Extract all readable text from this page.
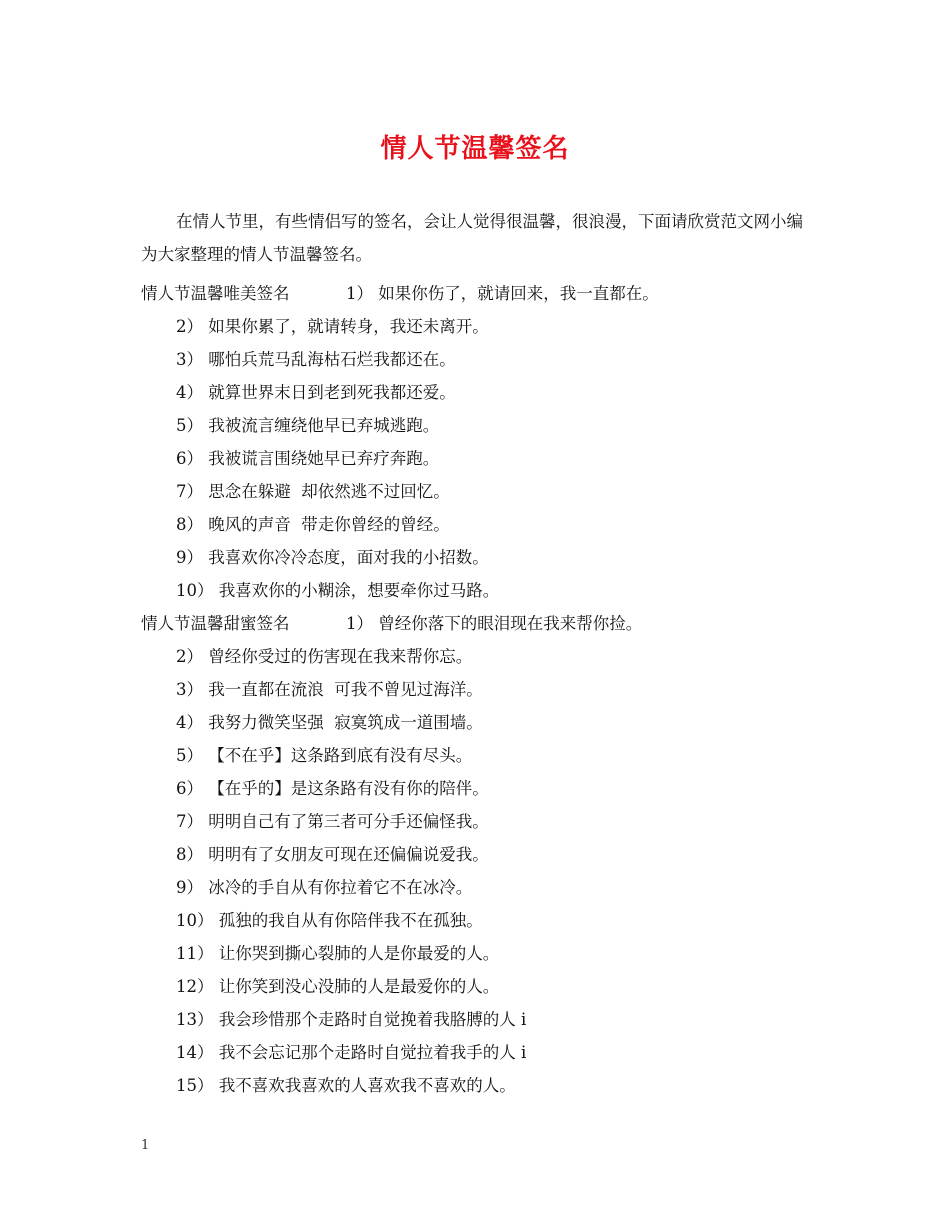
情人节温馨签名
在情人节里，有些情侣写的签名，会让人觉得很温馨，很浪漫，下面请欣赏范文网小编为大家整理的情人节温馨签名。
情人节温馨唯美签名	1） 如果你伤了，就请回来，我一直都在。
2） 如果你累了，就请转身，我还未离开。
3） 哪怕兵荒马乱海枯石烂我都还在。
4） 就算世界末日到老到死我都还爱。
5） 我被流言缠绕他早已弃城逃跑。
6） 我被谎言围绕她早已弃疗奔跑。
7） 思念在躲避  却依然逃不过回忆。
8） 晚风的声音  带走你曾经的曾经。
9） 我喜欢你冷冷态度，面对我的小招数。
10） 我喜欢你的小糊涂，想要牵你过马路。
情人节温馨甜蜜签名	1） 曾经你落下的眼泪现在我来帮你捡。
2） 曾经你受过的伤害现在我来帮你忘。
3） 我一直都在流浪  可我不曾见过海洋。
4） 我努力微笑坚强  寂寞筑成一道围墙。
5） 【不在乎】这条路到底有没有尽头。
6） 【在乎的】是这条路有没有你的陪伴。
7） 明明自己有了第三者可分手还偏怪我。
8） 明明有了女朋友可现在还偏偏说爱我。
9） 冰冷的手自从有你拉着它不在冰冷。
10） 孤独的我自从有你陪伴我不在孤独。
11） 让你哭到撕心裂肺的人是你最爱的人。
12） 让你笑到没心没肺的人是最爱你的人。
13） 我会珍惜那个走路时自觉挽着我胳膊的人 i
14） 我不会忘记那个走路时自觉拉着我手的人 i
15） 我不喜欢我喜欢的人喜欢我不喜欢的人。
1
